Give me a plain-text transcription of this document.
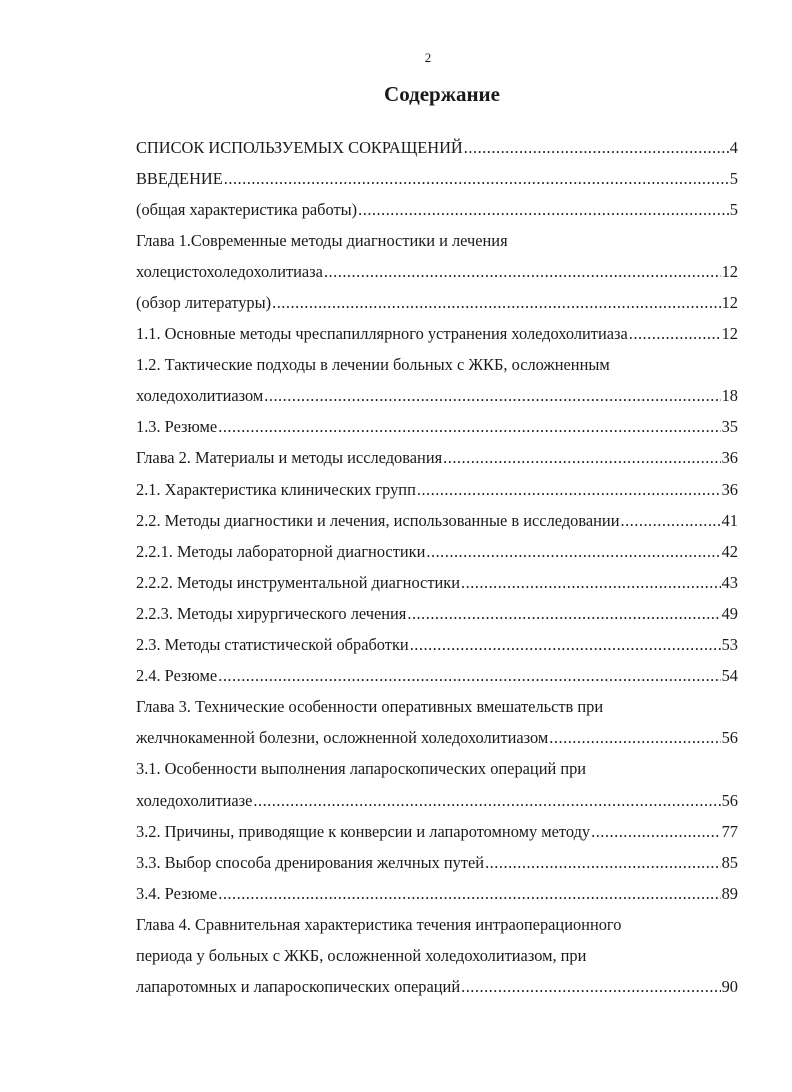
2
Содержание
СПИСОК ИСПОЛЬЗУЕМЫХ СОКРАЩЕНИЙ .....	4
ВВЕДЕНИЕ .....	5
(общая характеристика работы) .....	5
Глава 1.Современные методы диагностики и лечения
холецистохоледохолитиаза .....	12
(обзор литературы) .....	12
1.1. Основные методы чреспапиллярного устранения холедохолитиаза .....	12
1.2. Тактические подходы в лечении больных с ЖКБ, осложненным
холедохолитиазом .....	18
1.3. Резюме .....	35
Глава 2. Материалы и методы исследования .....	36
2.1. Характеристика клинических групп .....	36
2.2. Методы диагностики и лечения, использованные в исследовании .....	41
2.2.1. Методы лабораторной диагностики .....	42
2.2.2. Методы инструментальной диагностики .....	43
2.2.3. Методы хирургического лечения .....	49
2.3. Методы статистической обработки .....	53
2.4. Резюме .....	54
Глава 3. Технические особенности оперативных вмешательств при
желчнокаменной болезни, осложненной холедохолитиазом .....	56
3.1. Особенности выполнения лапароскопических операций при
холедохолитиазе .....	56
3.2. Причины, приводящие к конверсии и лапаротомному методу .....	77
3.3. Выбор способа дренирования желчных путей .....	85
3.4. Резюме .....	89
Глава 4. Сравнительная характеристика течения интраоперационного
периода у больных с ЖКБ, осложненной холедохолитиазом, при
лапаротомных и лапароскопических операций .....	90
